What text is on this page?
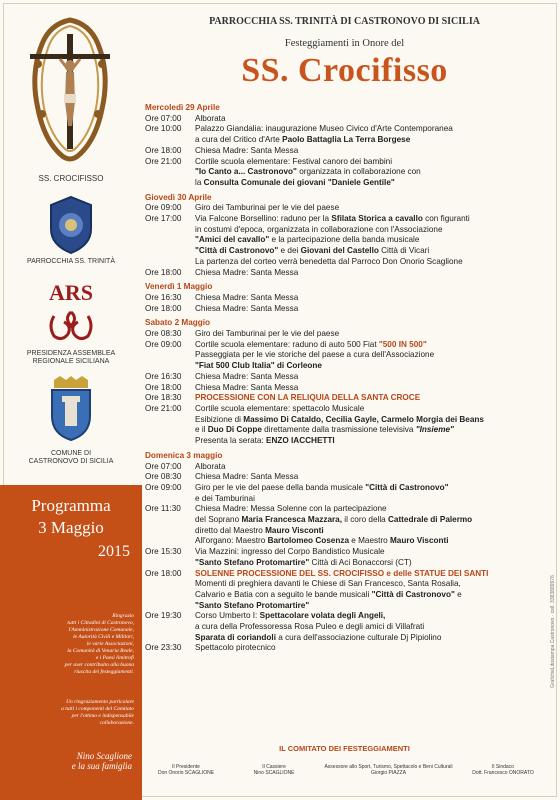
SS. CROCIFISSO
PARROCCHIA SS. TRINITÀ
ARS
PRESIDENZA ASSEMBLEA
REGIONALE SICILIANA
COMUNE DI
CASTRONOVO DI SICILIA
Programma
3 Maggio
2015
Ringrazio
tutti i Cittadini di Castronovo,
l'Amministrazione Comunale,
le Autorità Civili e Militari,
le varie Associazioni,
la Comunità di Venaria Reale,
e i Paesi limitrofi
per aver contribuito alla buona
riuscita dei festeggiamenti.
Un ringraziamento particolare
a tutti i componenti del Comitato
per l'ottimo e indispensabile
collaborazione.
Nino Scaglione
e la sua famiglia
PARROCCHIA SS. TRINITÀ DI CASTRONOVO DI SICILIA
Festeggiamenti in Onore del
SS. Crocifisso
Mercoledì 29 Aprile
Ore 07:00	Alborata
Ore 10:00	Palazzo Giandalia: inaugurazione Museo Civico d'Arte Contemporanea
a cura del Critico d'Arte Paolo Battaglia La Terra Borgese
Ore 18:00	Chiesa Madre: Santa Messa
Ore 21:00	Cortile scuola elementare: Festival canoro dei bambini
"Io Canto a... Castronovo" organizzata in collaborazione con
la Consulta Comunale dei giovani "Daniele Gentile"
Giovedì 30 Aprile
Ore 09:00	Giro dei Tamburinai per le vie del paese
Ore 17:00	Via Falcone Borsellino: raduno per la Sfilata Storica a cavallo con figuranti
in costumi d'epoca, organizzata in collaborazione con l'Associazione
"Amici del cavallo" e la partecipazione della banda musicale
"Città di Castronovo" e dei Giovani del Castello Città di Vicari
La partenza del corteo verrà benedetta dal Parroco Don Onorio Scaglione
Ore 18:00	Chiesa Madre: Santa Messa
Venerdì 1 Maggio
Ore 16:30	Chiesa Madre: Santa Messa
Ore 18:00	Chiesa Madre: Santa Messa
Sabato 2 Maggio
Ore 08:30	Giro dei Tamburinai per le vie del paese
Ore 09:00	Cortile scuola elementare: raduno di auto 500 Fiat "500 IN 500"
Passeggiata per le vie storiche del paese a cura dell'Associazione
"Fiat 500 Club Italia" di Corleone
Ore 16:30	Chiesa Madre: Santa Messa
Ore 18:00	Chiesa Madre: Santa Messa
Ore 18:30	PROCESSIONE CON LA RELIQUIA DELLA SANTA CROCE
Ore 21:00	Cortile scuola elementare: spettacolo Musicale
Esibizione di Massimo Di Cataldo, Cecilia Gayle, Carmelo Morgia dei Beans
e il Duo Di Coppe direttamente dalla trasmissione televisiva "Insieme"
Presenta la serata: ENZO IACCHETTI
Domenica 3 maggio
Ore 07:00	Alborata
Ore 08:30	Chiesa Madre: Santa Messa
Ore 09:00	Giro per le vie del paese della banda musicale "Città di Castronovo"
e dei Tamburinai
Ore 11:30	Chiesa Madre: Messa Solenne con la partecipazione
del Soprano Maria Francesca Mazzara, il coro della Cattedrale di Palermo
diretto dal Maestro Mauro Visconti
All'organo: Maestro Bartolomeo Cosenza e Maestro Mauro Visconti
Ore 15:30	Via Mazzini: ingresso del Corpo Bandistico Musicale
"Santo Stefano Protomartire" Città di Aci Bonaccorsi (CT)
Ore 18:00	SOLENNE PROCESSIONE DEL SS. CROCIFISSO e delle STATUE DEI SANTI
Momenti di preghiera davanti le Chiese di San Francesco, Santa Rosalia,
Calvario e Batia con a seguito le bande musicali "Città di Castronovo" e
"Santo Stefano Protomartire"
Ore 19:30	Corso Umberto I: Spettacolare volata degli Angeli,
a cura della Professoressa Rosa Puleo e degli amici di Villafrati
Sparata di coriandoli a cura dell'associazione culturale Dj Pipiolino
Ore 23:30	Spettacolo pirotecnico
IL COMITATO DEI FESTEGGIAMENTI
Il Presidente
Don Onorio SCAGLIONE
Il Cassiere
Nino SCAGLIONE
Assessore allo Sport, Turismo, Spettacolo e Beni Culturali
Giorgio PIAZZA
Il Sindaco
Dott. Francesco ONORATO
GraficheLitostampa Castronovo · cell. 3383889976
